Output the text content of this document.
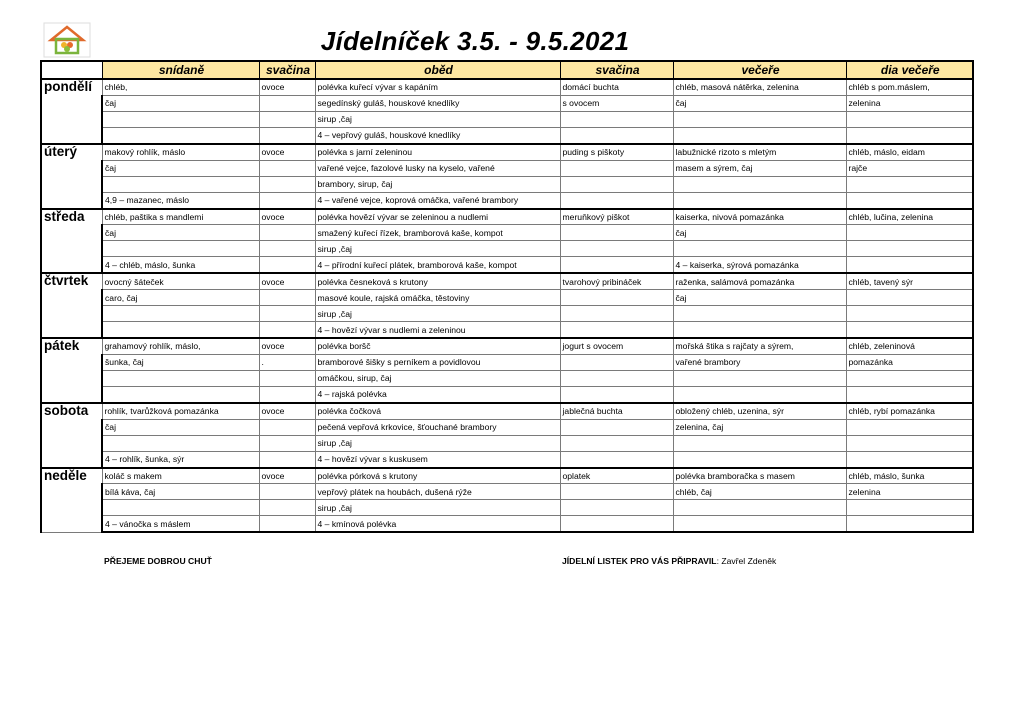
Jídelníček 3.5. - 9.5.2021
	snídaně	svačina	oběd	svačina	večeře	dia večeře
pondělí	chléb,	ovoce	polévka kuřecí vývar s kapáním	domácí buchta	chléb, masová nátěrka, zelenina	chléb s pom.máslem,
	čaj		segedínský guláš, houskové knedlíky	s ovocem	čaj	zelenina
			sirup ,čaj			
			4 – vepřový guláš, houskové knedlíky			
úterý	makový rohlík, máslo	ovoce	polévka s jarní zeleninou	puding s piškoty	labužnické rizoto s mletým	chléb, máslo, eidam
	čaj		vařené vejce, fazolové lusky na kyselo, vařené		masem a sýrem, čaj	rajče
			brambory, sirup, čaj			
	4,9 – mazanec, máslo		4 – vařené vejce, koprová omáčka, vařené brambory			
středa	chléb, paštika s mandlemi	ovoce	polévka hovězí vývar se zeleninou a nudlemi	meruňkový piškot	kaiserka, nivová pomazánka	chléb, lučina, zelenina
	čaj		smažený kuřecí řízek, bramborová kaše, kompot		čaj	
			sirup ,čaj			
	4 – chléb, máslo, šunka		4 – přírodní kuřecí plátek, bramborová kaše, kompot		4 – kaiserka, sýrová pomazánka	
čtvrtek	ovocný šáteček	ovoce	polévka česneková s krutony	tvarohový pribináček	raženka, salámová pomazánka	chléb, tavený sýr
	caro, čaj		masové koule, rajská omáčka, těstoviny		čaj	
			sirup ,čaj			
			4 – hovězí vývar s nudlemi a zeleninou			
pátek	grahamový rohlík, máslo,	ovoce	polévka boršč	jogurt s ovocem	mořská štika s rajčaty a sýrem,	chléb, zeleninová
	šunka, čaj	.	bramborové šišky s perníkem a povidlovou		vařené brambory	pomazánka
			omáčkou, sirup, čaj			
			4 – rajská polévka			
sobota	rohlík, tvarůžková pomazánka	ovoce	polévka čočková	jablečná buchta	obložený chléb, uzenina, sýr	chléb, rybí pomazánka
	čaj		pečená vepřová krkovice, šťouchané brambory		zelenina, čaj	
			sirup ,čaj			
	4 – rohlík, šunka, sýr		4 – hovězí vývar s kuskusem			
neděle	koláč s makem	ovoce	polévka pórková s krutony	oplatek	polévka bramboračka s masem	chléb, máslo, šunka
	bílá káva, čaj		vepřový plátek na houbách, dušená rýže		chléb, čaj	zelenina
			sirup ,čaj			
	4 – vánočka s máslem		4 – kmínová polévka			
PŘEJEME DOBROU CHUŤ	JÍDELNÍ LISTEK PRO VÁS PŘIPRAVIL: Zavřel Zdeněk
